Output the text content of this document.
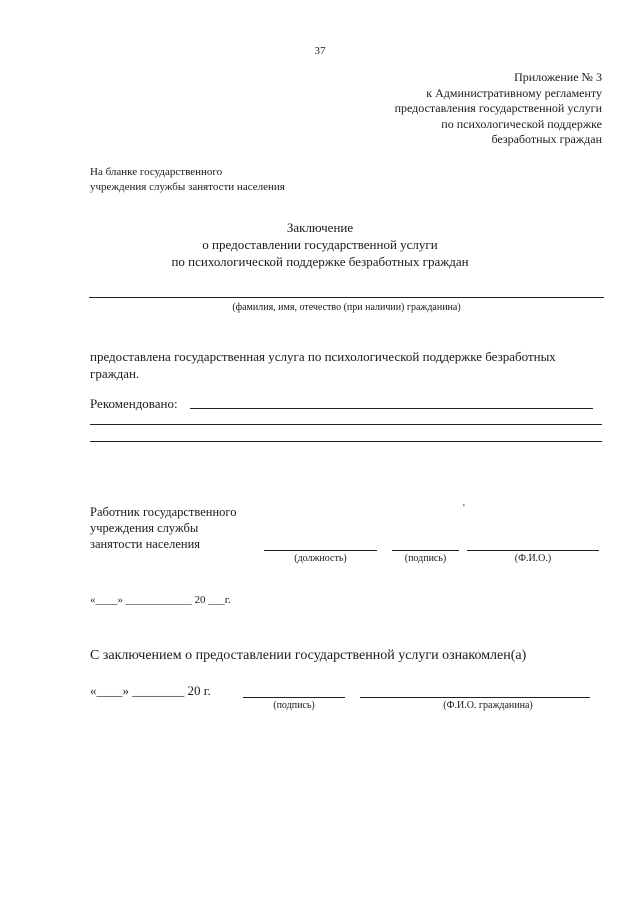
37
Приложение № 3
к Административному регламенту
предоставления государственной услуги
по психологической поддержке
безработных граждан
На бланке государственного
учреждения службы занятости населения
Заключение
о предоставлении государственной услуги
по психологической поддержке безработных граждан
(фамилия, имя, отечество (при наличии) гражданина)
предоставлена государственная услуга по психологической поддержке безработных граждан.
Рекомендовано:
Работник государственного
учреждения службы
занятости населения
'
(должность)	(подпись)	(Ф.И.О.)
«____» ____________ 20 ___г.
С заключением о предоставлении государственной услуги ознакомлен(а)
«____» ________ 20 г.
(подпись)	(Ф.И.О. гражданина)
